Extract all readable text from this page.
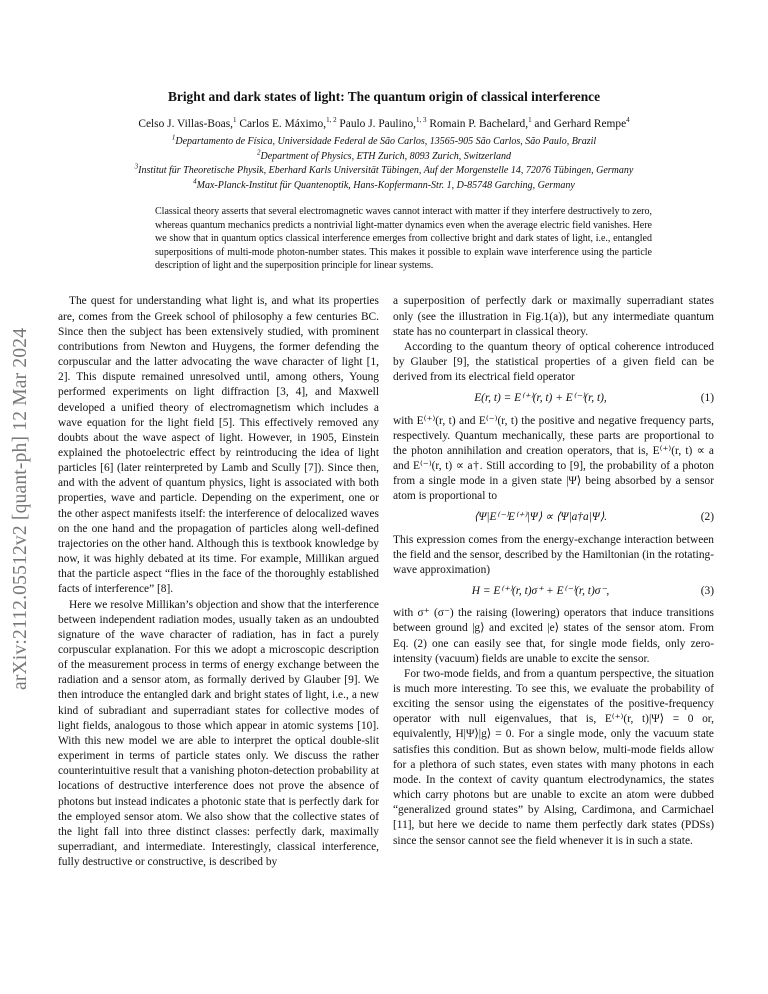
arXiv:2112.05512v2 [quant-ph] 12 Mar 2024
Bright and dark states of light: The quantum origin of classical interference
Celso J. Villas-Boas,$^1$ Carlos E. Máximo,$^{1, 2}$ Paulo J. Paulino,$^{1, 3}$ Romain P. Bachelard,$^1$ and Gerhard Rempe$^4$
$^1$Departamento de Física, Universidade Federal de São Carlos, 13565-905 São Carlos, São Paulo, Brazil
$^2$Department of Physics, ETH Zurich, 8093 Zurich, Switzerland
$^3$Institut für Theoretische Physik, Eberhard Karls Universität Tübingen, Auf der Morgenstelle 14, 72076 Tübingen, Germany
$^4$Max-Planck-Institut für Quantenoptik, Hans-Kopfermann-Str. 1, D-85748 Garching, Germany
Classical theory asserts that several electromagnetic waves cannot interact with matter if they interfere destructively to zero, whereas quantum mechanics predicts a nontrivial light-matter dynamics even when the average electric field vanishes. Here we show that in quantum optics classical interference emerges from collective bright and dark states of light, i.e., entangled superpositions of multi-mode photon-number states. This makes it possible to explain wave interference using the particle description of light and the superposition principle for linear systems.

The quest for understanding what light is, and what its properties are, comes from the Greek school of philosophy a few centuries BC. Since then the subject has been extensively studied, with prominent contributions from Newton and Huygens, the former defending the corpuscular and the latter advocating the wave character of light [1, 2]. This dispute remained unresolved until, among others, Young performed experiments on light diffraction [3, 4], and Maxwell developed a unified theory of electromagnetism which includes a wave equation for the light field [5]. This effectively removed any doubts about the wave aspect of light. However, in 1905, Einstein explained the photoelectric effect by reintroducing the idea of light particles [6] (later reinterpreted by Lamb and Scully [7]). Since then, and with the advent of quantum physics, light is associated with both properties, wave and particle. Depending on the experiment, one or the other aspect manifests itself: the interference of delocalized waves on the one hand and the propagation of particles along well-defined trajectories on the other hand. Although this is textbook knowledge by now, it was highly debated at its time. For example, Millikan argued that the particle aspect “flies in the face of the thoroughly established facts of interference” [8].

Here we resolve Millikan’s objection and show that the interference between independent radiation modes, usually taken as an undoubted signature of the wave character of radiation, has in fact a purely corpuscular explanation. For this we adopt a microscopic description of the measurement process in terms of energy exchange between the radiation and a sensor atom, as formally derived by Glauber [9]. We then introduce the entangled dark and bright states of light, i.e., a new kind of subradiant and superradiant states for collective modes of light fields, analogous to those which appear in atomic systems [10]. With this new model we are able to interpret the optical double-slit experiment in terms of particle states only. We discuss the rather counterintuitive result that a vanishing photon-detection probability at locations of destructive interference does not prove the absence of photons but instead indicates a photonic state that is perfectly dark for the employed sensor atom. We also show that the collective states of the light fall into three distinct classes: perfectly dark, maximally superradiant, and intermediate. Interestingly, classical interference, fully destructive or constructive, is described by

a superposition of perfectly dark or maximally superradiant states only (see the illustration in Fig.1(a)), but any intermediate quantum state has no counterpart in classical theory.

According to the quantum theory of optical coherence introduced by Glauber [9], the statistical properties of a given field can be derived from its electrical field operator

E(r, t) = E⁽⁺⁾(r, t) + E⁽⁻⁾(r, t),	(1)

with E⁽⁺⁾(r, t) and E⁽⁻⁾(r, t) the positive and negative frequency parts, respectively. Quantum mechanically, these parts are proportional to the photon annihilation and creation operators, that is, E⁽⁺⁾(r, t) ∝ a and E⁽⁻⁾(r, t) ∝ a†. Still according to [9], the probability of a photon from a single mode in a given state |Ψ⟩ being absorbed by a sensor atom is proportional to

⟨Ψ|E⁽⁻⁾E⁽⁺⁾|Ψ⟩ ∝ ⟨Ψ|a†a|Ψ⟩.	(2)

This expression comes from the energy-exchange interaction between the field and the sensor, described by the Hamiltonian (in the rotating-wave approximation)

H = E⁽⁺⁾(r, t)σ⁺ + E⁽⁻⁾(r, t)σ⁻,	(3)

with σ⁺ (σ⁻) the raising (lowering) operators that induce transitions between ground |g⟩ and excited |e⟩ states of the sensor atom. From Eq. (2) one can easily see that, for single mode fields, only zero-intensity (vacuum) fields are unable to excite the sensor.

For two-mode fields, and from a quantum perspective, the situation is much more interesting. To see this, we evaluate the probability of exciting the sensor using the eigenstates of the positive-frequency operator with null eigenvalues, that is, E⁽⁺⁾(r, t)|Ψ⟩ = 0 or, equivalently, H|Ψ⟩|g⟩ = 0. For a single mode, only the vacuum state satisfies this condition. But as shown below, multi-mode fields allow for a plethora of such states, even states with many photons in each mode. In the context of cavity quantum electrodynamics, the states which carry photons but are unable to excite an atom were dubbed “generalized ground states” by Alsing, Cardimona, and Carmichael [11], but here we decide to name them perfectly dark states (PDSs) since the sensor cannot see the field whenever it is in such a state.
